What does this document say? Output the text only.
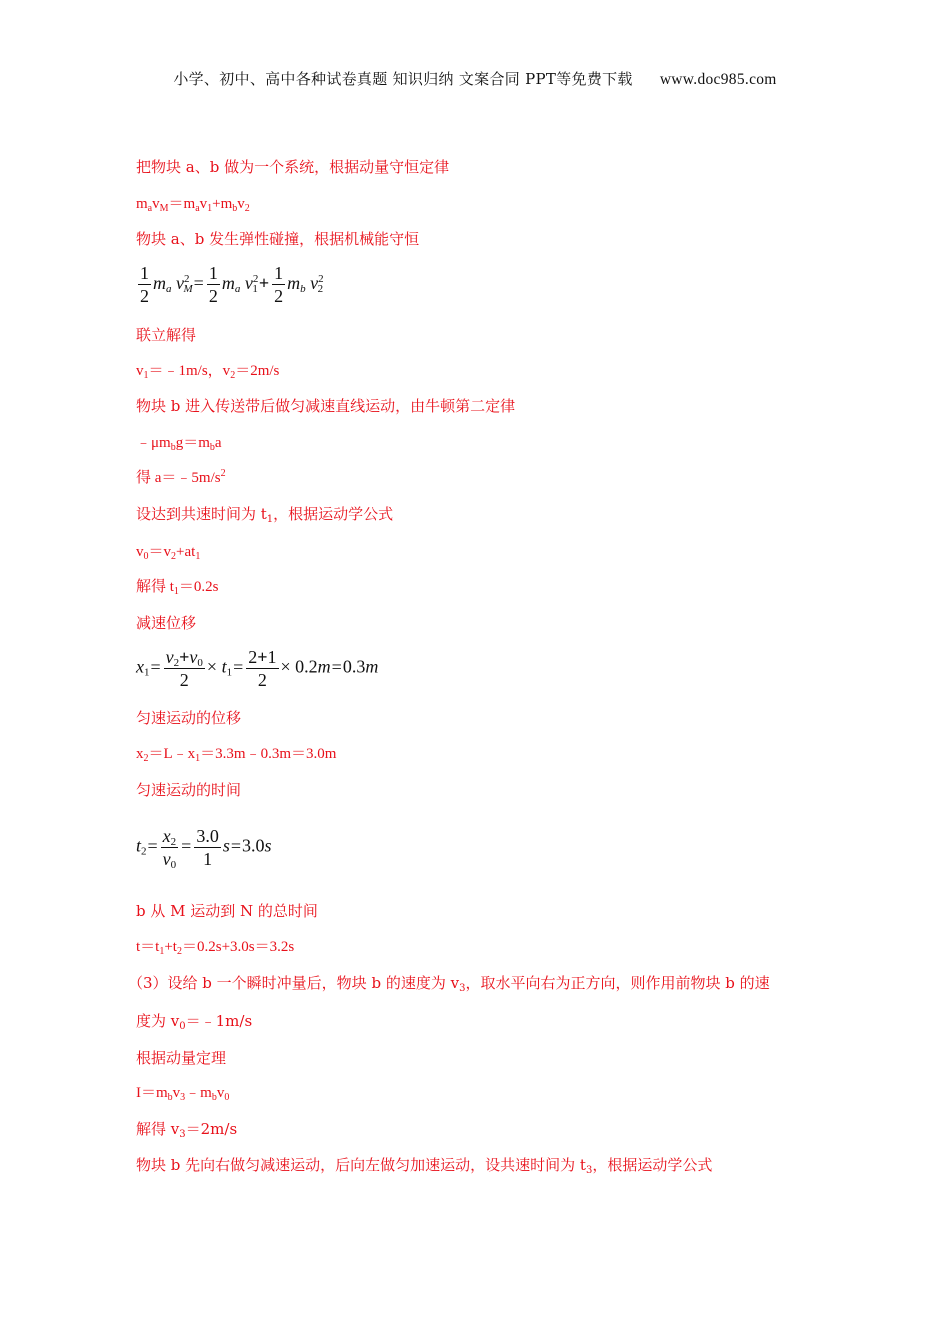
小学、初中、高中各种试卷真题 知识归纳 文案合同 PPT等免费下载 www.doc985.com
把物块 a、b 做为一个系统，根据动量守恒定律
$m_av_M=m_av_1+m_bv_2$
物块 a、b 发生弹性碰撞，根据机械能守恒
$\frac{1}{2} m_a$ $v^2_M= \frac{1}{2} m_a$ $v^2_1+ \frac{1}{2} m_b$ $v^2_2$
联立解得
$v_1=﹣1m/s$，$v_2=2m/s$
物块 b 进入传送带后做匀减速直线运动，由牛顿第二定律
$﹣\mu m_bg=m_ba$
得 $a=﹣5m/s^2$
设达到共速时间为 $t_1$，根据运动学公式
$v_0=v_2+at_1$
解得 $t_1=0.2s$
减速位移
$x_1= \frac{v_2+v_0}{2} \times t_1= \frac{2+1}{2} \times 0.2m=0.3m$
匀速运动的位移
$x_2=L﹣x_1=3.3m﹣0.3m=3.0m$
匀速运动的时间
$t_2= \frac{x_2}{v_0} = \frac{3.0}{1} s=3.0s$
b 从 M 运动到 N 的总时间
$t=t_1+t_2=0.2s+3.0s=3.2s$
（3）设给 b 一个瞬时冲量后，物块 b 的速度为 $v_3$，取水平向右为正方向，则作用前物块 b 的速
度为 $v_0=﹣1m/s$
根据动量定理
$I=m_bv_3﹣m_bv_0$
解得 $v_3=2m/s$
物块 b 先向右做匀减速运动，后向左做匀加速运动，设共速时间为 $t_3$，根据运动学公式
